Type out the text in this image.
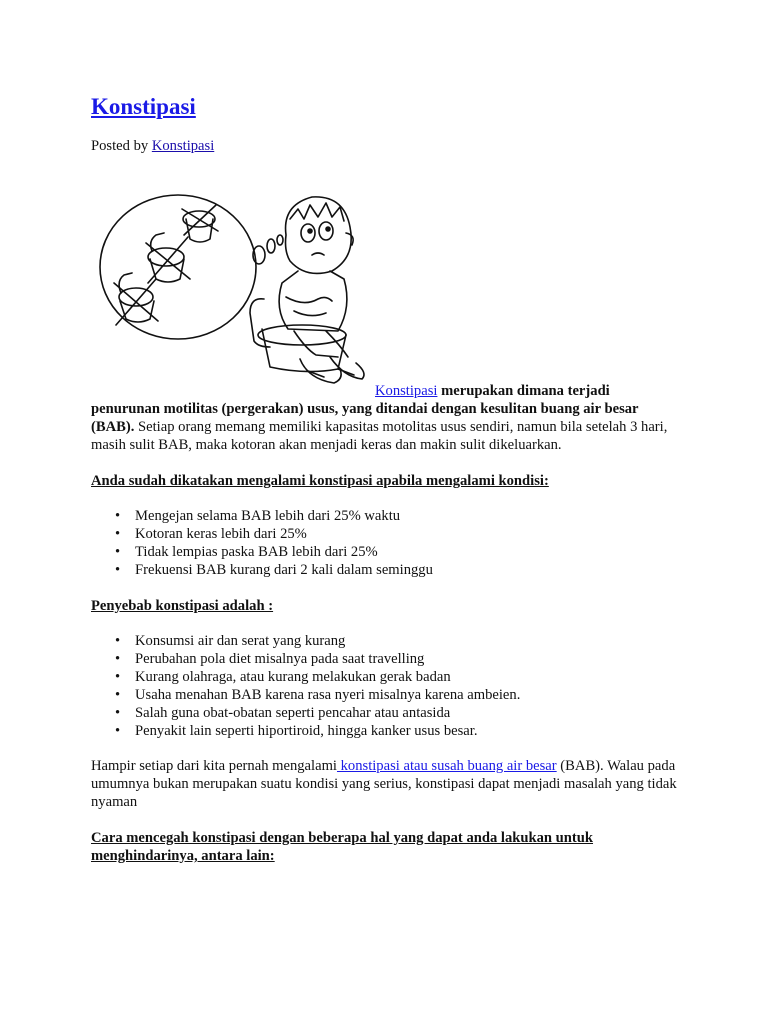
Konstipasi
Posted by Konstipasi

Konstipasi merupakan dimana terjadi penurunan motilitas (pergerakan) usus, yang ditandai dengan kesulitan buang air besar (BAB). Setiap orang memang memiliki kapasitas motolitas usus sendiri, namun bila setelah 3 hari, masih sulit BAB, maka kotoran akan menjadi keras dan makin sulit dikeluarkan.

Anda sudah dikatakan mengalami konstipasi apabila mengalami kondisi:

• Mengejan selama BAB lebih dari 25% waktu
• Kotoran keras lebih dari 25%
• Tidak lempias paska BAB lebih dari 25%
• Frekuensi BAB kurang dari 2 kali dalam seminggu

Penyebab konstipasi adalah :

• Konsumsi air dan serat yang kurang
• Perubahan pola diet misalnya pada saat travelling
• Kurang olahraga, atau kurang melakukan gerak badan
• Usaha menahan BAB karena rasa nyeri misalnya karena ambeien.
• Salah guna obat-obatan seperti pencahar atau antasida
• Penyakit lain seperti hiportiroid, hingga kanker usus besar.

Hampir setiap dari kita pernah mengalami konstipasi atau susah buang air besar (BAB). Walau pada umumnya bukan merupakan suatu kondisi yang serius, konstipasi dapat menjadi masalah yang tidak nyaman

Cara mencegah konstipasi dengan beberapa hal yang dapat anda lakukan untuk menghindarinya, antara lain:
